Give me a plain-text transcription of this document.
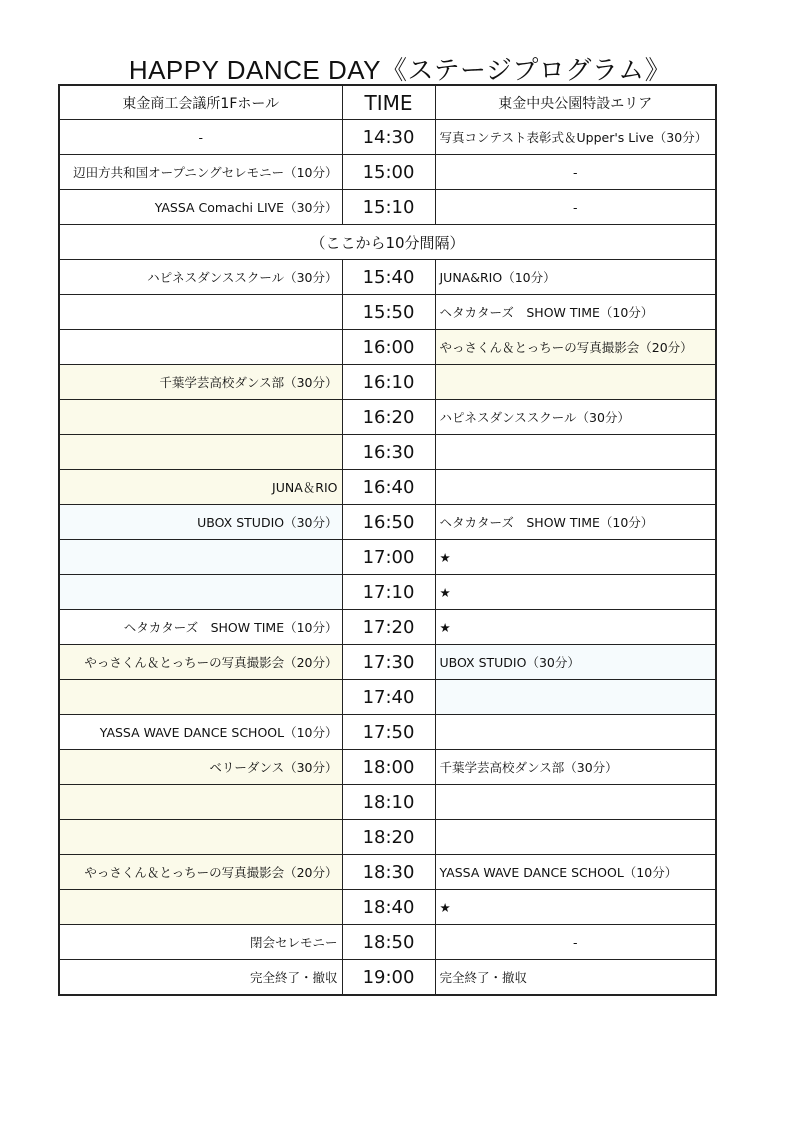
HAPPY DANCE DAY《ステージプログラム》
東金商工会議所1Fホール	TIME	東金中央公園特設エリア
-	14:30	写真コンテスト表彰式＆Upper's Live（30分）
辺田方共和国オープニングセレモニー（10分）	15:00	-
YASSA Comachi LIVE（30分）	15:10	-
（ここから10分間隔）		
ハピネスダンススクール（30分）	15:40	JUNA&RIO（10分）
	15:50	ヘタカターズ　SHOW TIME（10分）
	16:00	やっさくん＆とっちーの写真撮影会（20分）
千葉学芸高校ダンス部（30分）	16:10	
	16:20	ハピネスダンススクール（30分）
	16:30	
JUNA＆RIO	16:40	
UBOX STUDIO（30分）	16:50	ヘタカターズ　SHOW TIME（10分）
	17:00	★
	17:10	★
ヘタカターズ　SHOW TIME（10分）	17:20	★
やっさくん＆とっちーの写真撮影会（20分）	17:30	UBOX STUDIO（30分）
	17:40	
YASSA WAVE DANCE SCHOOL（10分）	17:50	
ベリーダンス（30分）	18:00	千葉学芸高校ダンス部（30分）
	18:10	
	18:20	
やっさくん＆とっちーの写真撮影会（20分）	18:30	YASSA WAVE DANCE SCHOOL（10分）
	18:40	★
閉会セレモニー	18:50	-
完全終了・撤収	19:00	完全終了・撤収
